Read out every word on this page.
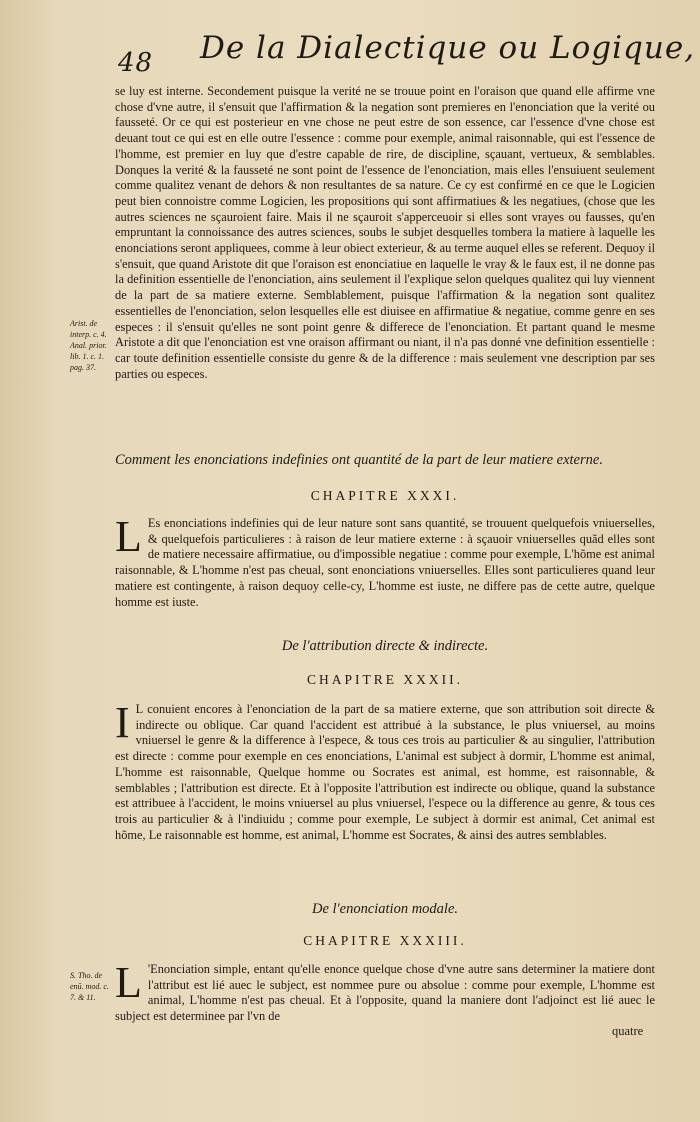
48 De la Dialectique ou Logique,
Arist. de interp. c. 4. Anal. prior. lib. 1. c. 1. pag. 37.

se luy est interne. Secondement puisque la verité ne se trouue point en l'oraison que quand elle affirme vne chose d'vne autre, il s'ensuit que l'affirmation & la negation sont premieres en l'enonciation que la verité ou fausseté. Or ce qui est posterieur en vne chose ne peut estre de son essence, car l'essence d'vne chose est deuant tout ce qui est en elle outre l'essence : comme pour exemple, animal raisonnable, qui est l'essence de l'homme, est premier en luy que d'estre capable de rire, de discipline, sçauant, vertueux, & semblables. Donques la verité & la fausseté ne sont point de l'essence de l'enonciation, mais elles l'ensuiuent seulement comme qualitez venant de dehors & non resultantes de sa nature. Ce cy est confirmé en ce que le Logicien peut bien connoistre comme Logicien, les propositions qui sont affirmatiues & les negatiues, (chose que les autres sciences ne sçauroient faire. Mais il ne sçauroit s'apperceuoir si elles sont vrayes ou fausses, qu'en empruntant la connoissance des autres sciences, soubs le subjet desquelles tombera la matiere à laquelle les enonciations seront appliquees, comme à leur obiect exterieur, & au terme auquel elles se referent. Dequoy il s'ensuit, que quand Aristote dit que l'oraison est enonciatiue en laquelle le vray & le faux est, il ne donne pas la definition essentielle de l'enonciation, ains seulement il l'explique selon quelques qualitez qui luy viennent de la part de sa matiere externe. Semblablement, puisque l'affirmation & la negation sont qualitez essentielles de l'enonciation, selon lesquelles elle est diuisee en affirmatiue & negatiue, comme genre en ses especes : il s'ensuit qu'elles ne sont point genre & differece de l'enonciation. Et partant quand le mesme Aristote a dit que l'enonciation est vne oraison affirmant ou niant, il n'a pas donné vne definition essentielle : car toute definition essentielle consiste du genre & de la difference : mais seulement vne description par ses parties ou especes.

Comment les enonciations indefinies ont quantité de la part de leur matiere externe.
CHAPITRE XXXI.
L Es enonciations indefinies qui de leur nature sont sans quantité, se trouuent quelquefois vniuerselles, & quelquefois particulieres : à raison de leur matiere externe : à sçauoir vniuerselles quãd elles sont de matiere necessaire affirmatiue, ou d'impossible negatiue : comme pour exemple, L'hõme est animal raisonnable, & L'homme n'est pas cheual, sont enonciations vniuerselles. Elles sont particulieres quand leur matiere est contingente, à raison dequoy celle-cy, L'homme est iuste, ne differe pas de cette autre, quelque homme est iuste.
De l'attribution directe & indirecte.
CHAPITRE XXXII.
I L conuient encores à l'enonciation de la part de sa matiere externe, que son attribution soit directe & indirecte ou oblique. Car quand l'accident est attribué à la substance, le plus vniuersel, au moins vniuersel le genre & la difference à l'espece, & tous ces trois au particulier & au singulier, l'attribution est directe : comme pour exemple en ces enonciations, L'animal est subject à dormir, L'homme est animal, L'homme est raisonnable, Quelque homme ou Socrates est animal, est homme, est raisonnable, & semblables ; l'attribution est directe. Et à l'opposite l'attribution est indirecte ou oblique, quand la substance est attribuee à l'accident, le moins vniuersel au plus vniuersel, l'espece ou la difference au genre, & tous ces trois au particulier & à l'indiuidu ; comme pour exemple, Le subject à dormir est animal, Cet animal est hõme, Le raisonnable est homme, est animal, L'homme est Socrates, & ainsi des autres semblables.
De l'enonciation modale.
CHAPITRE XXXIII.
S. Tho. de enũ. mod. c. 7. & 11. L 'Enonciation simple, entant qu'elle enonce quelque chose d'vne autre sans determiner la matiere dont l'attribut est lié auec le subject, est nommee pure ou absolue : comme pour exemple, L'homme est animal, L'homme n'est pas cheual. Et à l'opposite, quand la maniere dont l'adjoinct est lié auec le subject est determinee par l'vn de
quatre
